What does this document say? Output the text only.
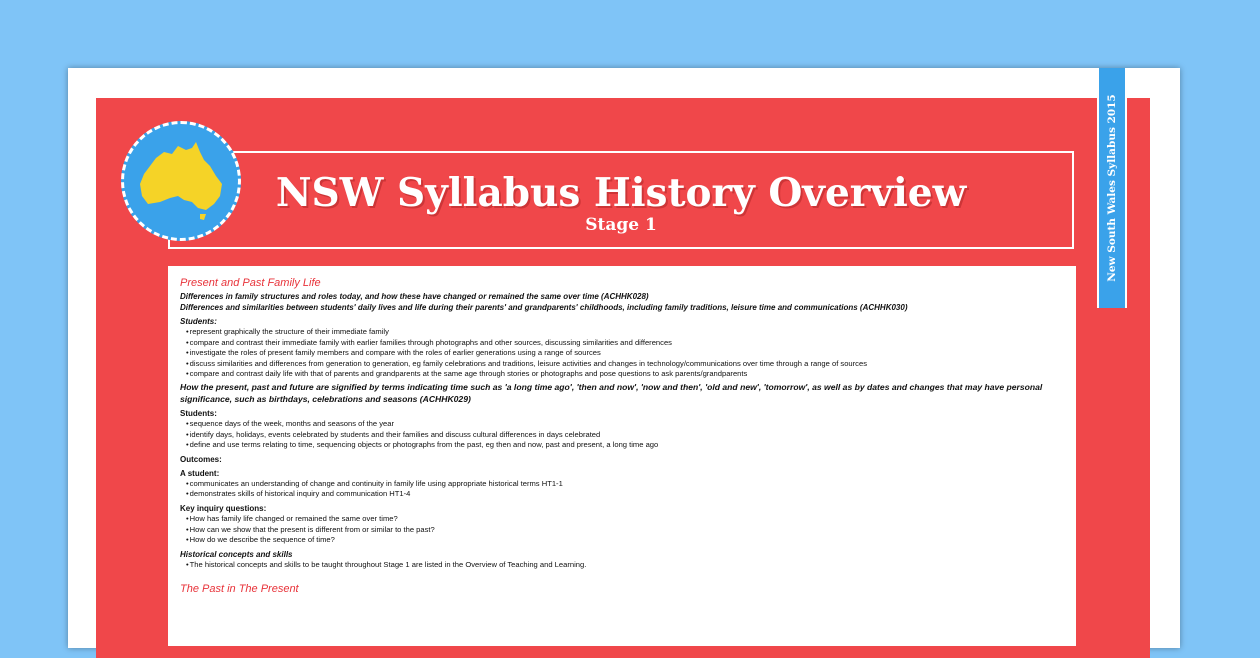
New South Wales Syllabus 2015
NSW Syllabus History Overview
Stage 1
Present and Past Family Life
Differences in family structures and roles today, and how these have changed or remained the same over time (ACHHK028)
Differences and similarities between students' daily lives and life during their parents' and grandparents' childhoods, including family traditions, leisure time and communications (ACHHK030)
Students:
• represent graphically the structure of their immediate family
• compare and contrast their immediate family with earlier families through photographs and other sources, discussing similarities and differences
• investigate the roles of present family members and compare with the roles of earlier generations using a range of sources
• discuss similarities and differences from generation to generation, eg family celebrations and traditions, leisure activities and changes in technology/communications over time through a range of sources
• compare and contrast daily life with that of parents and grandparents at the same age through stories or photographs and pose questions to ask parents/grandparents
How the present, past and future are signified by terms indicating time such as 'a long time ago', 'then and now', 'now and then', 'old and new', 'tomorrow', as well as by dates and changes that may have personal significance, such as birthdays, celebrations and seasons (ACHHK029)
Students:
• sequence days of the week, months and seasons of the year
• identify days, holidays, events celebrated by students and their families and discuss cultural differences in days celebrated
• define and use terms relating to time, sequencing objects or photographs from the past, eg then and now, past and present, a long time ago
Outcomes:
A student:
• communicates an understanding of change and continuity in family life using appropriate historical terms HT1-1
• demonstrates skills of historical inquiry and communication HT1-4
Key inquiry questions:
• How has family life changed or remained the same over time?
• How can we show that the present is different from or similar to the past?
• How do we describe the sequence of time?
Historical concepts and skills
• The historical concepts and skills to be taught throughout Stage 1 are listed in the Overview of Teaching and Learning.
The Past in The Present
